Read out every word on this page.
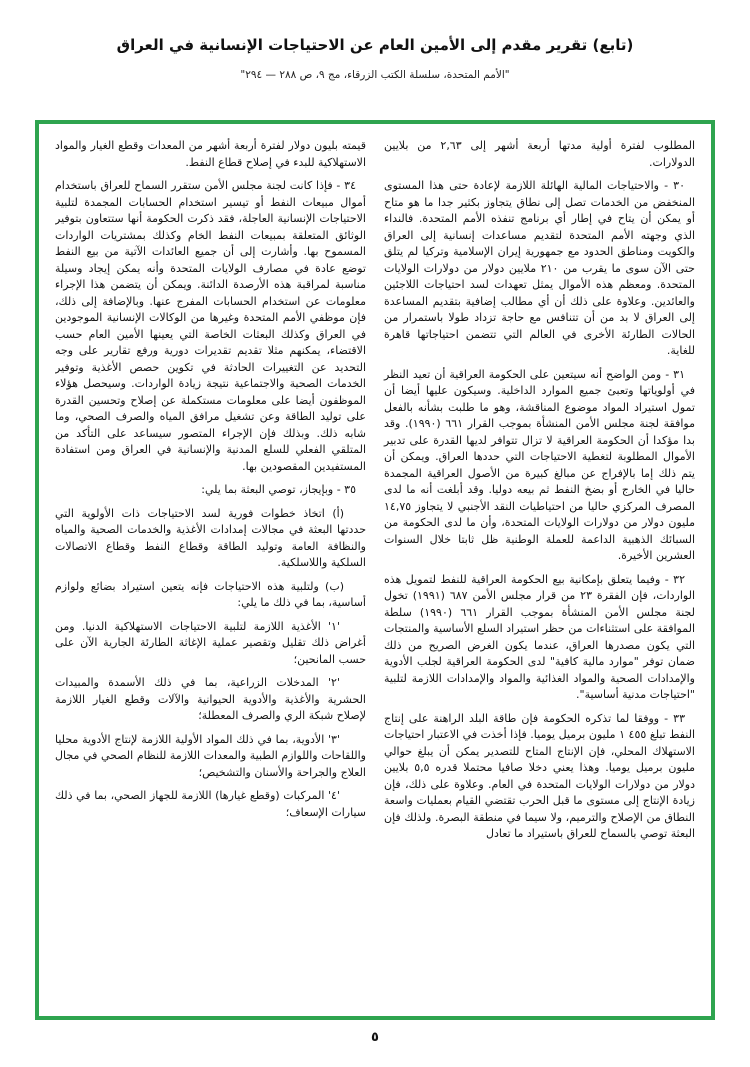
(تابع) تقرير مقدم إلى الأمين العام عن الاحتياجات الإنسانية في العراق
"الأمم المتحدة، سلسلة الكتب الزرقاء، مج ٩، ص ٢٨٨ — ٢٩٤"

المطلوب لفترة أولية مدتها أربعة أشهر إلى ٢,٦٣ من بلايين الدولارات.

٣٠ - والاحتياجات المالية الهائلة اللازمة لإعادة حتى هذا المستوى المنخفض من الخدمات تصل إلى نطاق يتجاوز بكثير جدا ما هو متاح أو يمكن أن يتاح في إطار أي برنامج تنفذه الأمم المتحدة. فالنداء الذي وجهته الأمم المتحدة لتقديم مساعدات إنسانية إلى العراق والكويت ومناطق الحدود مع جمهورية إيران الإسلامية وتركيا لم يتلق حتى الآن سوى ما يقرب من ٢١٠ ملايين دولار من دولارات الولايات المتحدة. ومعظم هذه الأموال يمثل تعهدات لسد احتياجات اللاجئين والعائدين. وعلاوة على ذلك أن أي مطالب إضافية بتقديم المساعدة إلى العراق لا بد من أن تتنافس مع حاجة تزداد طولا باستمرار من الحالات الطارئة الأخرى في العالم التي تتضمن احتياجاتها قاهرة للغاية.

٣١ - ومن الواضح أنه سيتعين على الحكومة العراقية أن تعيد النظر في أولوياتها وتعبئ جميع الموارد الداخلية. وسيكون عليها أيضا أن تمول استيراد المواد موضوع المناقشة، وهو ما طلبت بشأنه بالفعل موافقة لجنة مجلس الأمن المنشأة بموجب القرار ٦٦١ (١٩٩٠). وقد بدا مؤكدا أن الحكومة العراقية لا تزال تتوافر لديها القدرة على تدبير الأموال المطلوبة لتغطية الاحتياجات التي حددها العراق. ويمكن أن يتم ذلك إما بالإفراج عن مبالغ كبيرة من الأصول العراقية المجمدة حاليا في الخارج أو بضخ النفط ثم بيعه دوليا. وقد أبلغت أنه ما لدى المصرف المركزي حاليا من احتياطيات النقد الأجنبي لا يتجاوز ١٤,٧٥ مليون دولار من دولارات الولايات المتحدة، وأن ما لدى الحكومة من السبائك الذهبية الداعمة للعملة الوطنية ظل ثابتا خلال السنوات العشرين الأخيرة.

٣٢ - وفيما يتعلق بإمكانية بيع الحكومة العراقية للنفط لتمويل هذه الواردات، فإن الفقرة ٢٣ من قرار مجلس الأمن ٦٨٧ (١٩٩١) تخول لجنة مجلس الأمن المنشأة بموجب القرار ٦٦١ (١٩٩٠) سلطة الموافقة على استثناءات من حظر استيراد السلع الأساسية والمنتجات التي يكون مصدرها العراق، عندما يكون الغرض الصريح من ذلك ضمان توفر "موارد مالية كافية" لدى الحكومة العراقية لجلب الأدوية والإمدادات الصحية والمواد الغذائية والمواد والإمدادات اللازمة لتلبية "احتياجات مدنية أساسية".

٣٣ - ووفقا لما تذكره الحكومة فإن طاقة البلد الراهنة على إنتاج النفط تبلغ ٤٥٥ ١ مليون برميل يوميا. فإذا أخذت في الاعتبار احتياجات الاستهلاك المحلي، فإن الإنتاج المتاح للتصدير يمكن أن يبلغ حوالي مليون برميل يوميا. وهذا يعني دخلا صافيا محتملا قدره ٥,٥ بلايين دولار من دولارات الولايات المتحدة في العام. وعلاوة على ذلك، فإن زيادة الإنتاج إلى مستوى ما قبل الحرب تقتضي القيام بعمليات واسعة النطاق من الإصلاح والترميم، ولا سيما في منطقة البصرة. ولذلك فإن البعثة توصي بالسماح للعراق باستيراد ما تعادل

قيمته بليون دولار لفترة أربعة أشهر من المعدات وقطع الغيار والمواد الاستهلاكية للبدء في إصلاح قطاع النفط.

٣٤ - فإذا كانت لجنة مجلس الأمن ستقرر السماح للعراق باستخدام أموال مبيعات النفط أو تيسير استخدام الحسابات المجمدة لتلبية الاحتياجات الإنسانية العاجلة، فقد ذكرت الحكومة أنها ستتعاون بتوفير الوثائق المتعلقة بمبيعات النفط الخام وكذلك بمشتريات الواردات المسموح بها. وأشارت إلى أن جميع العائدات الآتية من بيع النفط توضع عادة في مصارف الولايات المتحدة وأنه يمكن إيجاد وسيلة مناسبة لمراقبة هذه الأرصدة الدائنة. ويمكن أن يتضمن هذا الإجراء معلومات عن استخدام الحسابات المفرج عنها. وبالإضافة إلى ذلك، فإن موظفي الأمم المتحدة وغيرها من الوكالات الإنسانية الموجودين في العراق وكذلك البعثات الخاصة التي يعينها الأمين العام حسب الاقتضاء، يمكنهم مثلا تقديم تقديرات دورية ورفع تقارير على وجه التحديد عن التغييرات الحادثة في تكوين حصص الأغذية وتوفير الخدمات الصحية والاجتماعية نتيجة زيادة الواردات. وسيحصل هؤلاء الموظفون أيضا على معلومات مستكملة عن إصلاح وتحسين القدرة على توليد الطاقة وعن تشغيل مرافق المياه والصرف الصحي، وما شابه ذلك. وبذلك فإن الإجراء المتصور سيساعد على التأكد من المتلقي الفعلي للسلع المدنية والإنسانية في العراق ومن استفادة المستفيدين المقصودين بها.

٣٥ - وبإيجاز، توصي البعثة بما يلي:

(أ) اتخاذ خطوات فورية لسد الاحتياجات ذات الأولوية التي حددتها البعثة في مجالات إمدادات الأغذية والخدمات الصحية والمياه والنظافة العامة وتوليد الطاقة وقطاع النفط وقطاع الاتصالات السلكية واللاسلكية.

(ب) ولتلبية هذه الاحتياجات فإنه يتعين استيراد بضائع ولوازم أساسية، بما في ذلك ما يلي:

'١' الأغذية اللازمة لتلبية الاحتياجات الاستهلاكية الدنيا. ومن أغراض ذلك تقليل وتقصير عملية الإغاثة الطارئة الجارية الآن على حسب المانحين؛

'٢' المدخلات الزراعية، بما في ذلك الأسمدة والمبيدات الحشرية والأغذية والأدوية الحيوانية والآلات وقطع الغيار اللازمة لإصلاح شبكة الري والصرف المعطلة؛

'٣' الأدوية، بما في ذلك المواد الأولية اللازمة لإنتاج الأدوية محليا واللقاحات واللوازم الطبية والمعدات اللازمة للنظام الصحي في مجال العلاج والجراحة والأسنان والتشخيص؛

'٤' المركبات (وقطع غيارها) اللازمة للجهاز الصحي، بما في ذلك سيارات الإسعاف؛

٥
